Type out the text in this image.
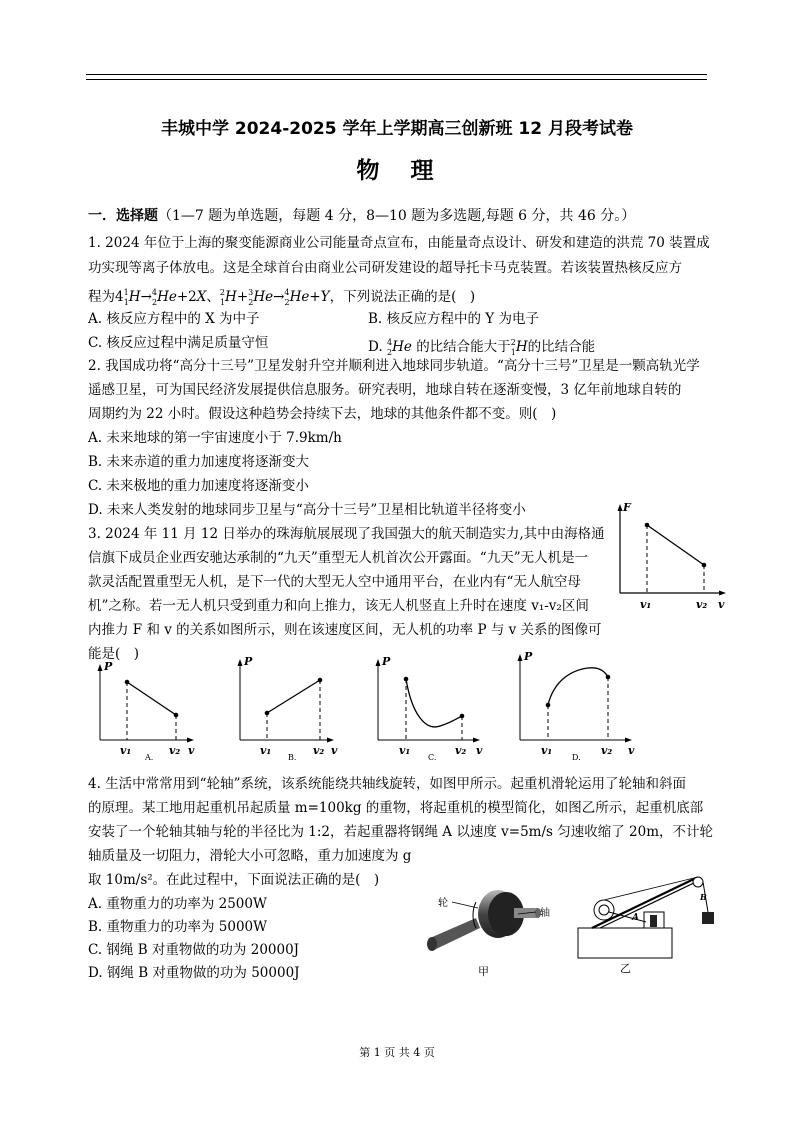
丰城中学 2024-2025 学年上学期高三创新班 12 月段考试卷
物　理
一．选择题（1—7 题为单选题，每题 4 分，8—10 题为多选题,每题 6 分，共 46 分。）
1. 2024 年位于上海的聚变能源商业公司能量奇点宣布，由能量奇点设计、研发和建造的洪荒 70 装置成
功实现等离子体放电。这是全球首台由商业公司研发建设的超导托卡马克装置。若该装置热核反应方
程为$4^1_1H\to^4_2He+2X$、$^2_1$H+$^3_2$He→$^4_2$He+Y，下列说法正确的是(　)
A. 核反应方程中的 X 为中子	B. 核反应方程中的 Y 为电子
C. 核反应过程中满足质量守恒	D. $^4_2$He 的比结合能大于$^2_1$H的比结合能
2. 我国成功将“高分十三号”卫星发射升空并顺利进入地球同步轨道。“高分十三号”卫星是一颗高轨光学
遥感卫星，可为国民经济发展提供信息服务。研究表明，地球自转在逐渐变慢，3 亿年前地球自转的
周期约为 22 小时。假设这种趋势会持续下去，地球的其他条件都不变。则(　)
A. 未来地球的第一宇宙速度小于 7.9km/h
B. 未来赤道的重力加速度将逐渐变大
C. 未来极地的重力加速度将逐渐变小
D. 未来人类发射的地球同步卫星与“高分十三号”卫星相比轨道半径将变小
3. 2024 年 11 月 12 日举办的珠海航展展现了我国强大的航天制造实力,其中由海格通
信旗下成员企业西安驰达承制的“九天”重型无人机首次公开露面。“九天”无人机是一
款灵活配置重型无人机，是下一代的大型无人空中通用平台，在业内有“无人航空母
机”之称。若一无人机只受到重力和向上推力，该无人机竖直上升时在速度 v₁-v₂区间
内推力 F 和 v 的关系如图所示，则在该速度区间，无人机的功率 P 与 v 关系的图像可
能是(　)
F
v₁	v₂ v
P
v₁
A.
v₂ v
P
v₁
B.
v₂ v
P
v₁
C.
v₂ v
P
v₁
D.
v₂ v
4. 生活中常常用到“轮轴”系统，该系统能绕共轴线旋转，如图甲所示。起重机滑轮运用了轮轴和斜面
的原理。某工地用起重机吊起质量 m=100kg 的重物，将起重机的模型简化，如图乙所示，起重机底部
安装了一个轮轴其轴与轮的半径比为 1:2，若起重器将钢绳 A 以速度 v=5m/s 匀速收缩了 20m，不计轮
轴质量及一切阻力，滑轮大小可忽略，重力加速度为 g
取 10m/s²。在此过程中，下面说法正确的是(　)
A. 重物重力的功率为 2500W
B. 重物重力的功率为 5000W
C. 钢绳 B 对重物做的功为 20000J
D. 钢绳 B 对重物做的功为 50000J
轮
轴
甲
A
B
乙
第 1 页 共 4 页
